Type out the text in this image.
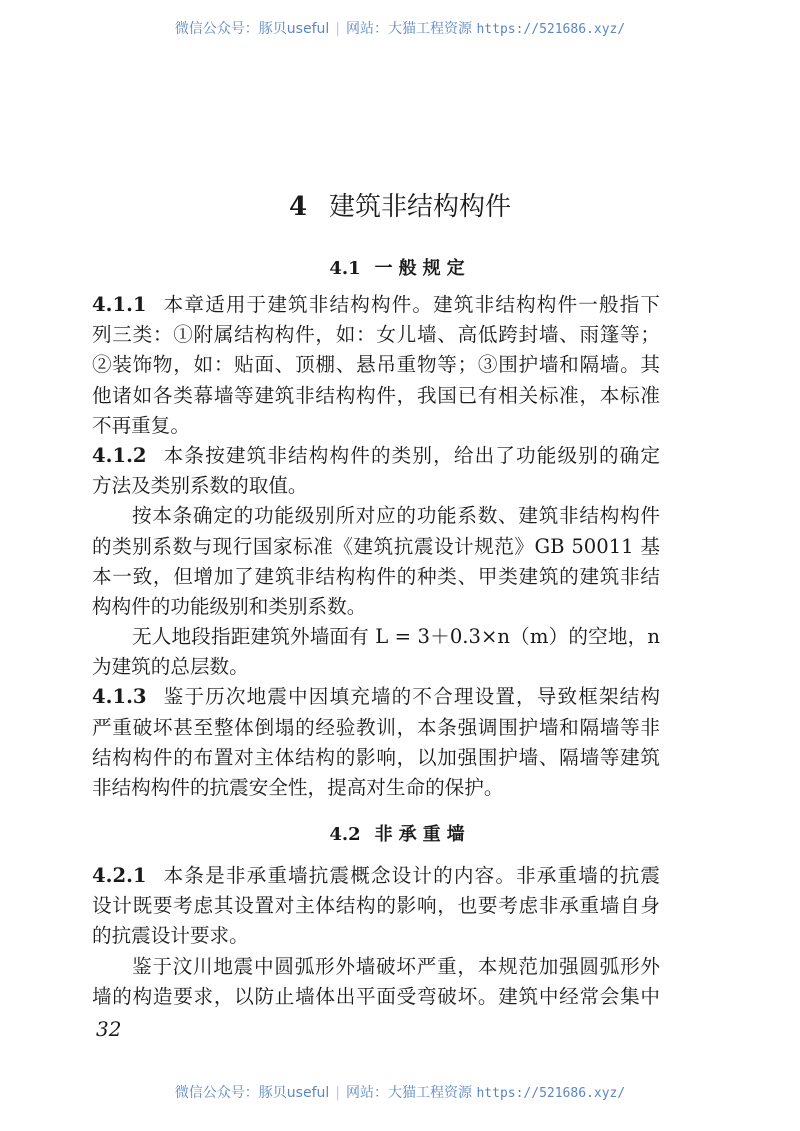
微信公众号：豚贝useful | 网站：大猫工程资源 https://521686.xyz/
4 建筑非结构构件
4.1 一般规定
4.1.1 本章适用于建筑非结构构件。建筑非结构构件一般指下
列三类：①附属结构构件，如：女儿墙、高低跨封墙、雨篷等；
②装饰物，如：贴面、顶棚、悬吊重物等；③围护墙和隔墙。其
他诸如各类幕墙等建筑非结构构件，我国已有相关标准，本标准
不再重复。
4.1.2 本条按建筑非结构构件的类别，给出了功能级别的确定
方法及类别系数的取值。
按本条确定的功能级别所对应的功能系数、建筑非结构构件
的类别系数与现行国家标准《建筑抗震设计规范》GB 50011 基
本一致，但增加了建筑非结构构件的种类、甲类建筑的建筑非结
构构件的功能级别和类别系数。
无人地段指距建筑外墙面有 L = 3＋0.3×n（m）的空地，n
为建筑的总层数。
4.1.3 鉴于历次地震中因填充墙的不合理设置，导致框架结构
严重破坏甚至整体倒塌的经验教训，本条强调围护墙和隔墙等非
结构构件的布置对主体结构的影响，以加强围护墙、隔墙等建筑
非结构构件的抗震安全性，提高对生命的保护。
4.2 非承重墙
4.2.1 本条是非承重墙抗震概念设计的内容。非承重墙的抗震
设计既要考虑其设置对主体结构的影响，也要考虑非承重墙自身
的抗震设计要求。
鉴于汶川地震中圆弧形外墙破坏严重，本规范加强圆弧形外
墙的构造要求，以防止墙体出平面受弯破坏。建筑中经常会集中
32
微信公众号：豚贝useful | 网站：大猫工程资源 https://521686.xyz/
